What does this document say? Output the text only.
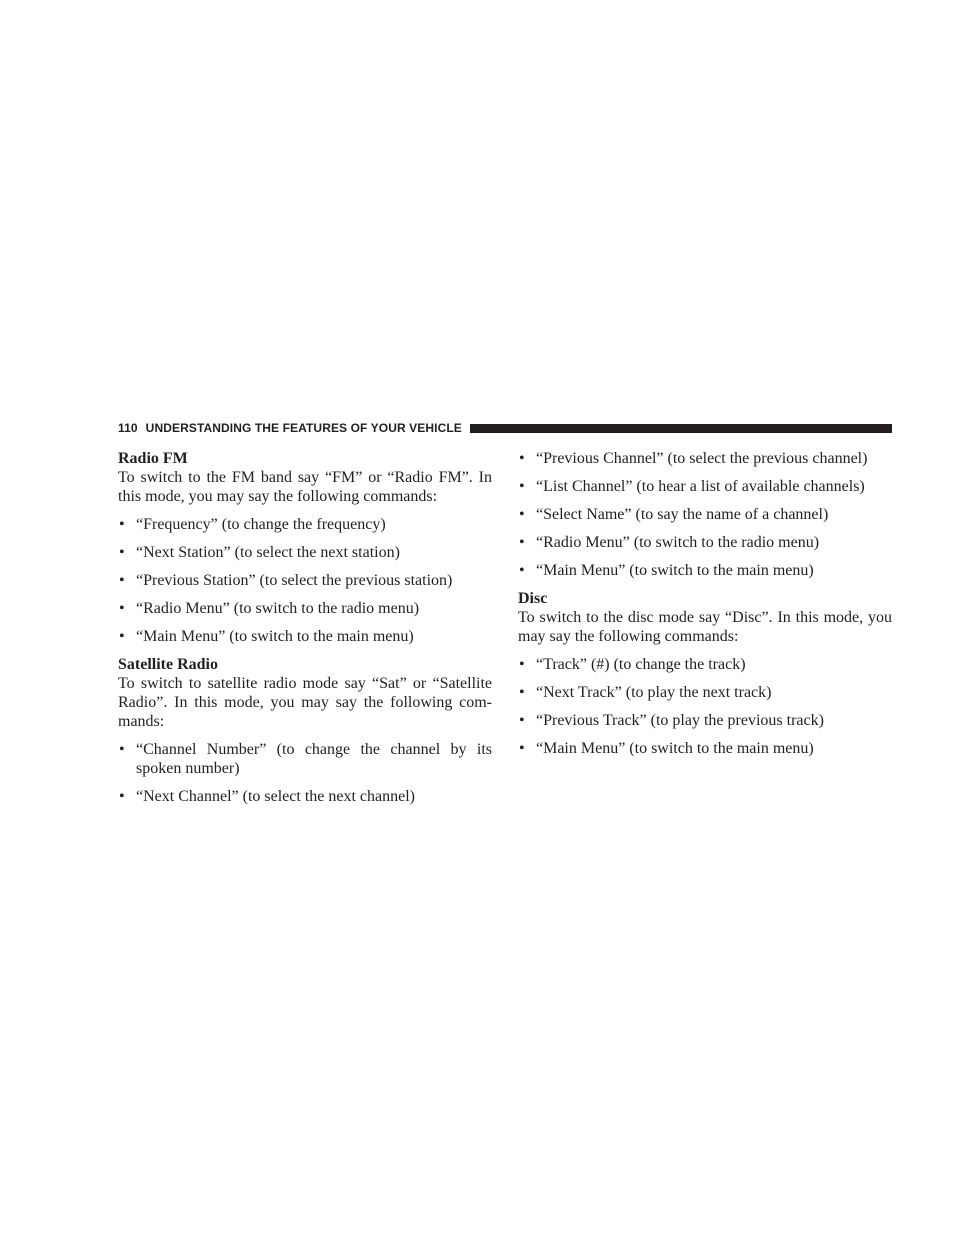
110 UNDERSTANDING THE FEATURES OF YOUR VEHICLE

Radio FM

To switch to the FM band say “FM” or “Radio FM”. In this mode, you may say the following commands:

• “Frequency” (to change the frequency)
• “Next Station” (to select the next station)
• “Previous Station” (to select the previous station)
• “Radio Menu” (to switch to the radio menu)
• “Main Menu” (to switch to the main menu)

Satellite Radio

To switch to satellite radio mode say “Sat” or “Satellite Radio”. In this mode, you may say the following com-mands:

• “Channel Number” (to change the channel by its spoken number)
• “Next Channel” (to select the next channel)
• “Previous Channel” (to select the previous channel)
• “List Channel” (to hear a list of available channels)
• “Select Name” (to say the name of a channel)
• “Radio Menu” (to switch to the radio menu)
• “Main Menu” (to switch to the main menu)

Disc

To switch to the disc mode say “Disc”. In this mode, you may say the following commands:

• “Track” (#) (to change the track)
• “Next Track” (to play the next track)
• “Previous Track” (to play the previous track)
• “Main Menu” (to switch to the main menu)
